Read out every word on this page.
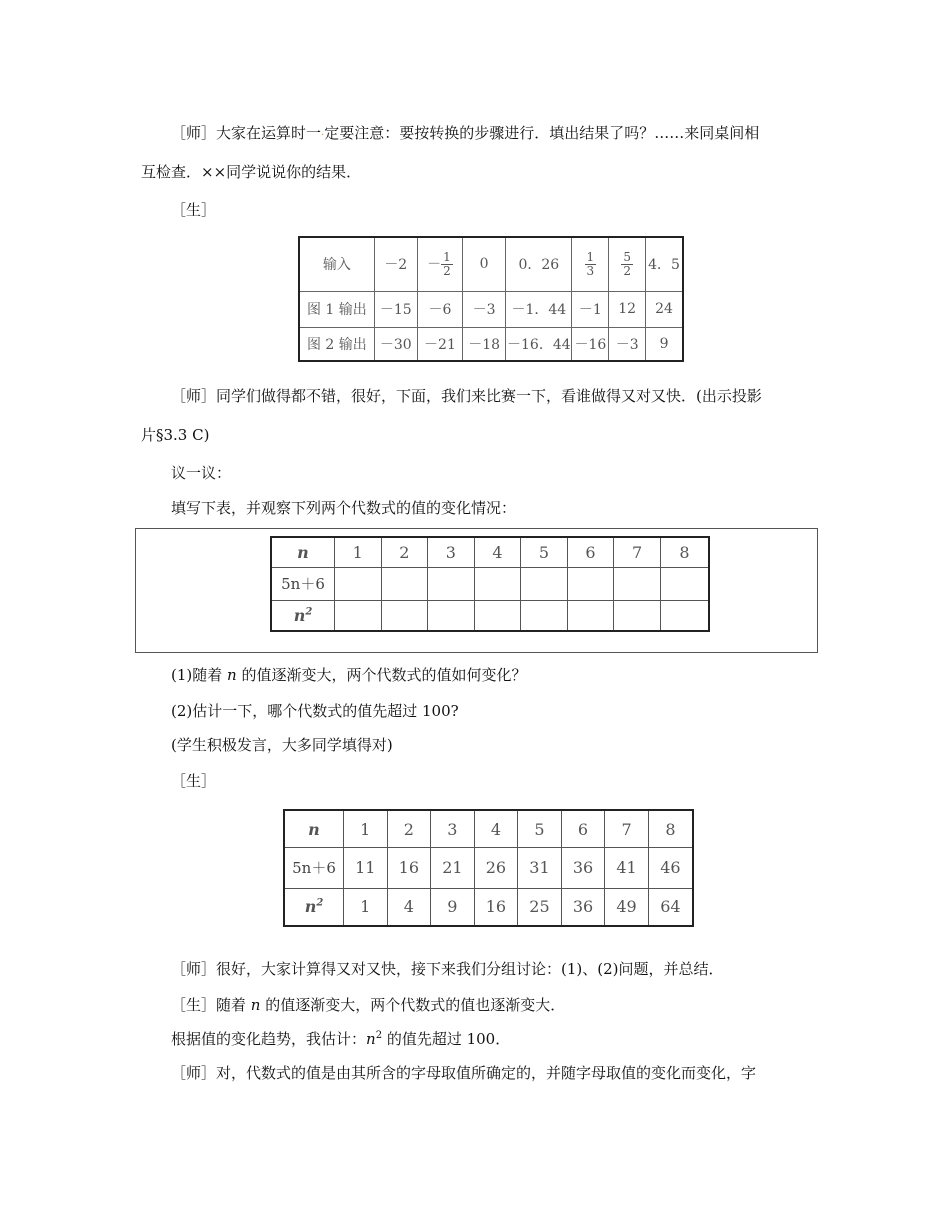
［师］大家在运算时一·定要注意：要按转换的步骤进行．填出结果了吗？……来同桌间相
互检查．××同学说说你的结果．
［生］
输入	－2	－ $\frac{1}{2}$	0	0．26	$\frac{1}{3}$	$\frac{5}{2}$	4．5
图 1 输出	－15	－6	－3	－1．44	－1	12	24
图 2 输出	－30	－21	－18	－16．44	－16	－3	9
［师］同学们做得都不错，很好，下面，我们来比赛一下，看谁做得又对又快．(出示投影
片§3.3 C)
议一议：
填写下表，并观察下列两个代数式的值的变化情况：
n	1	2	3	4	5	6	7	8
5n＋6								
$n^2$								
(1)随着 n 的值逐渐变大，两个代数式的值如何变化？
(2)估计一下，哪个代数式的值先超过 100?
(学生积极发言，大多同学填得对)
［生］
n	1	2	3	4	5	6	7	8
5n＋6	11	16	21	26	31	36	41	46
$n^2$	1	4	9	16	25	36	49	64
［师］很好，大家计算得又对又快，接下来我们分组讨论：(1)、(2)问题，并总结．
［生］随着 n 的值逐渐变大，两个代数式的值也逐渐变大．
根据值的变化趋势，我估计：$n^2$ 的值先超过 100．
［师］对，代数式的值是由其所含的字母取值所确定的，并随字母取值的变化而变化，字
